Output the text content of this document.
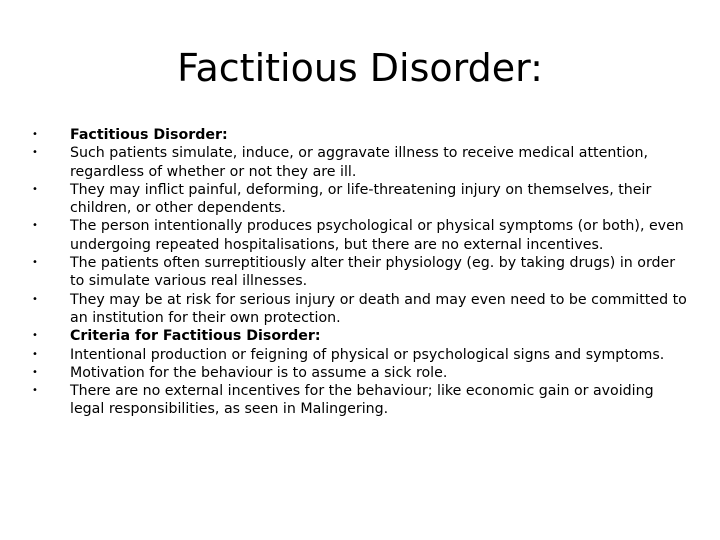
Factitious Disorder:
• Factitious Disorder:
• Such patients simulate, induce, or aggravate illness to receive medical attention, regardless of whether or not they are ill.
• They may inflict painful, deforming, or life-threatening injury on themselves, their children, or other dependents.
• The person intentionally produces psychological or physical symptoms (or both), even undergoing repeated hospitalisations, but there are no external incentives.
• The patients often surreptitiously alter their physiology (eg. by taking drugs) in order to simulate various real illnesses.
• They may be at risk for serious injury or death and may even need to be committed to an institution for their own protection.
• Criteria for Factitious Disorder:
• Intentional production or feigning of physical or psychological signs and symptoms.
• Motivation for the behaviour is to assume a sick role.
• There are no external incentives for the behaviour; like economic gain or avoiding legal responsibilities, as seen in Malingering.
